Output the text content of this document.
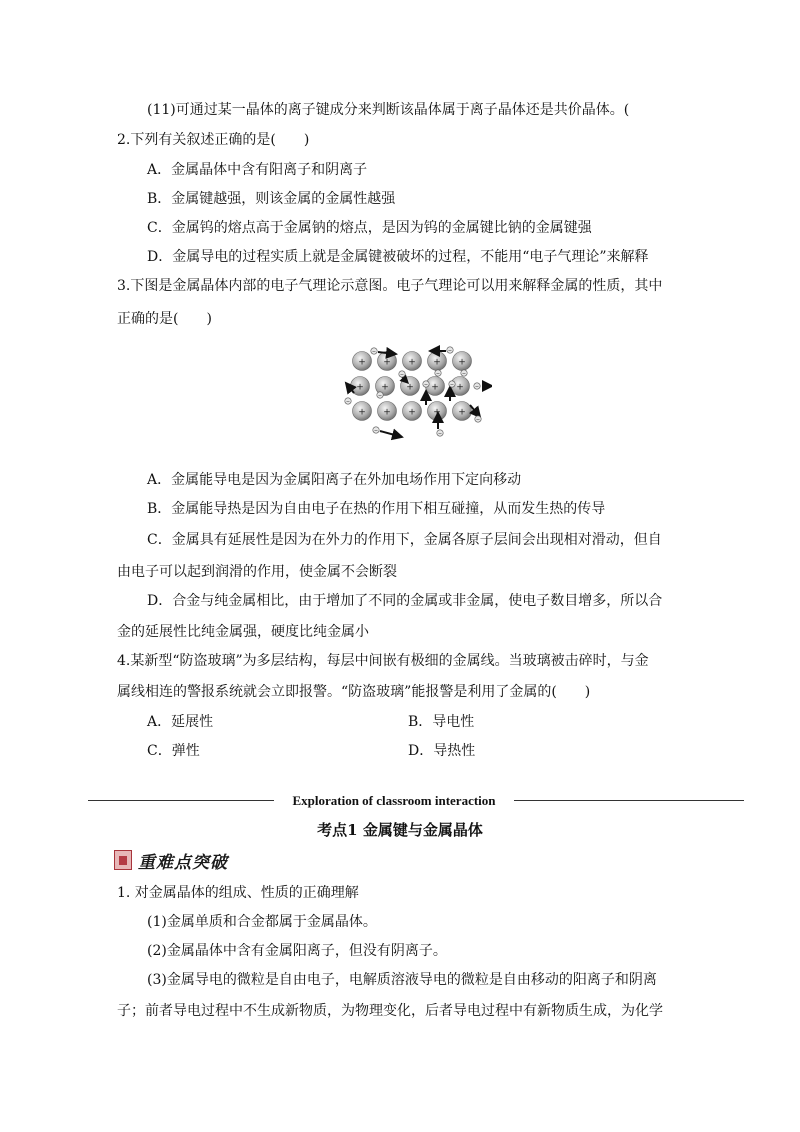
(11)可通过某一晶体的离子键成分来判断该晶体属于离子晶体还是共价晶体。(
2.下列有关叙述正确的是(　　)
A．金属晶体中含有阳离子和阴离子
B．金属键越强，则该金属的金属性越强
C．金属钨的熔点高于金属钠的熔点，是因为钨的金属键比钠的金属键强
D．金属导电的过程实质上就是金属键被破坏的过程，不能用“电子气理论”来解释
3.下图是金属晶体内部的电子气理论示意图。电子气理论可以用来解释金属的性质，其中
正确的是(　　)
+ + + + +
+ + + + +
+ + + + +
−	−
−
−
−	−	−
−	−
−
−	−
−
A．金属能导电是因为金属阳离子在外加电场作用下定向移动
B．金属能导热是因为自由电子在热的作用下相互碰撞，从而发生热的传导
C．金属具有延展性是因为在外力的作用下，金属各原子层间会出现相对滑动，但自
由电子可以起到润滑的作用，使金属不会断裂
D．合金与纯金属相比，由于增加了不同的金属或非金属，使电子数目增多，所以合
金的延展性比纯金属强，硬度比纯金属小
4.某新型“防盗玻璃”为多层结构，每层中间嵌有极细的金属线。当玻璃被击碎时，与金
属线相连的警报系统就会立即报警。“防盗玻璃”能报警是利用了金属的(　　)
A．延展性	B．导电性
C．弹性	D．导热性
Exploration of classroom interaction
考点1 金属键与金属晶体
重难点突破
1. 对金属晶体的组成、性质的正确理解
(1)金属单质和合金都属于金属晶体。
(2)金属晶体中含有金属阳离子，但没有阴离子。
(3)金属导电的微粒是自由电子，电解质溶液导电的微粒是自由移动的阳离子和阴离
子；前者导电过程中不生成新物质，为物理变化，后者导电过程中有新物质生成，为化学
